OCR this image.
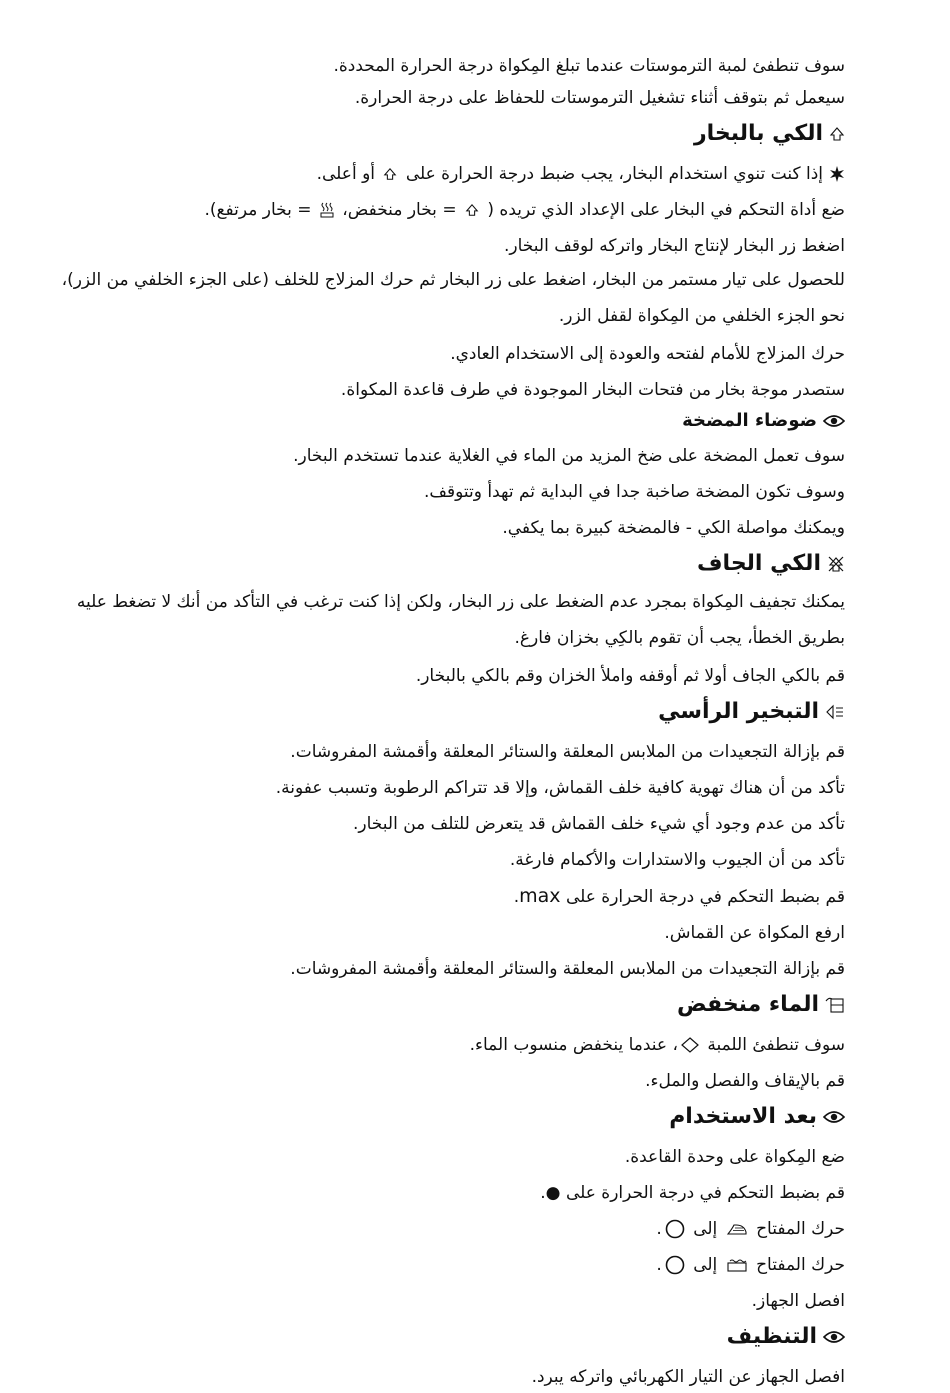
سوف تنطفئ لمبة الترموستات عندما تبلغ المِكواة درجة الحرارة المحددة.
سيعمل ثم بتوقف أثناء تشغيل الترموستات للحفاظ على درجة الحرارة.
الكي بالبخار
إذا كنت تنوي استخدام البخار، يجب ضبط درجة الحرارة على
أو أعلى.
ضع أداة التحكم في البخار على الإعداد الذي تريده (
= بخار منخفض،
= بخار مرتفع).
اضغط زر البخار لإنتاج البخار واتركه لوقف البخار.
للحصول على تيار مستمر من البخار، اضغط على زر البخار ثم حرك المزلاج للخلف (على الجزء الخلفي من الزر)، نحو الجزء الخلفي من المِكواة لقفل الزر.
حرك المزلاج للأمام لفتحه والعودة إلى الاستخدام العادي.
ستصدر موجة بخار من فتحات البخار الموجودة في طرف قاعدة المكواة.
ضوضاء المضخة
سوف تعمل المضخة على ضخ المزيد من الماء في الغلاية عندما تستخدم البخار.
وسوف تكون المضخة صاخبة جدا في البداية ثم تهدأ وتتوقف.
ويمكنك مواصلة الكي - فالمضخة كبيرة بما يكفي.
الكي الجاف
يمكنك تجفيف المِكواة بمجرد عدم الضغط على زر البخار، ولكن إذا كنت ترغب في التأكد من أنك لا تضغط عليه بطريق الخطأ، يجب أن تقوم بالكِي بخزان فارغ.
قم بالكي الجاف أولا ثم أوقفه واملأ الخزان وقم بالكي بالبخار.
التبخير الرأسي
قم بإزالة التجعيدات من الملابس المعلقة والستائر المعلقة وأقمشة المفروشات.
تأكد من أن هناك تهوية كافية خلف القماش، وإلا قد تتراكم الرطوبة وتسبب عفونة.
تأكد من عدم وجود أي شيء خلف القماش قد يتعرض للتلف من البخار.
تأكد من أن الجيوب والاستدارات والأكمام فارغة.
قم بضبط التحكم في درجة الحرارة على max.
ارفع المكواة عن القماش.
قم بإزالة التجعيدات من الملابس المعلقة والستائر المعلقة وأقمشة المفروشات.
الماء منخفض
سوف تنطفئ اللمبة
، عندما ينخفض منسوب الماء.
قم بالإيقاف والفصل والملء.
بعد الاستخدام
ضع المِكواة على وحدة القاعدة.
قم بضبط التحكم في درجة الحرارة على ●.
حرك المفتاح
إلى
.
حرك المفتاح
إلى
.
افصل الجهاز.
التنظيف
افصل الجهاز عن التيار الكهربائي واتركه يبرد.
